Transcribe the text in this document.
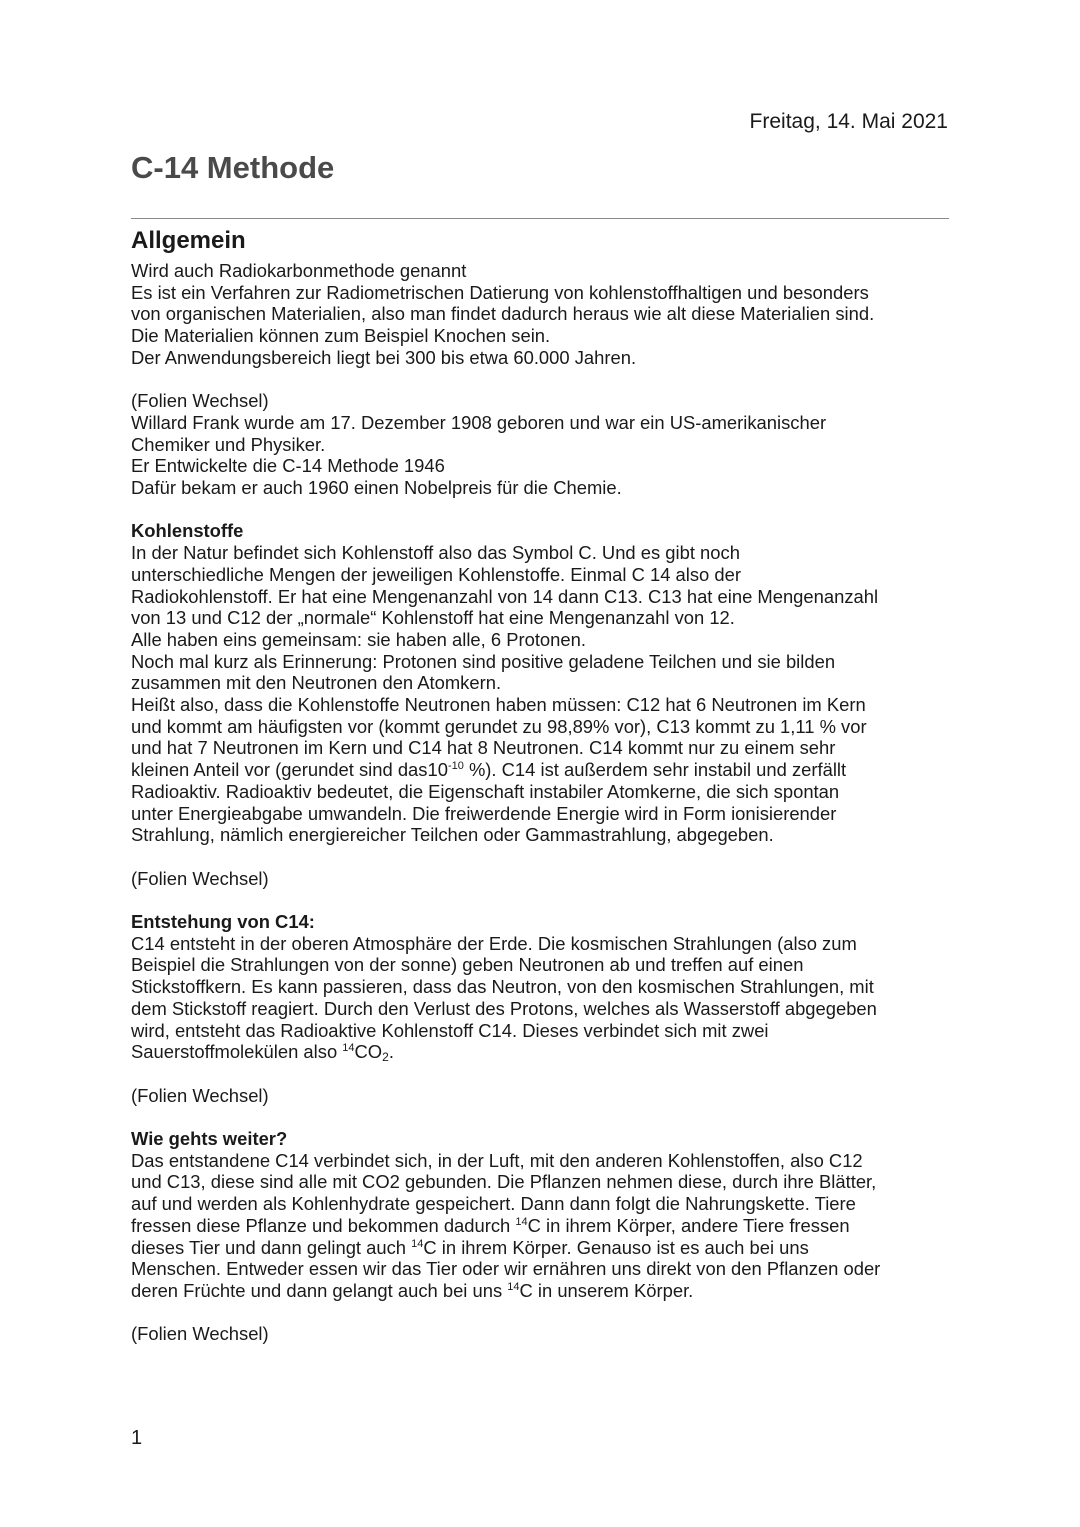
Freitag, 14. Mai 2021
C-14 Methode
Allgemein
Wird auch Radiokarbonmethode genannt
Es ist ein Verfahren zur Radiometrischen Datierung von kohlenstoffhaltigen und besonders
von organischen Materialien, also man findet dadurch heraus wie alt diese Materialien sind.
Die Materialien können zum Beispiel Knochen sein.
Der Anwendungsbereich liegt bei 300 bis etwa 60.000 Jahren.
(Folien Wechsel)
Willard Frank wurde am 17. Dezember 1908 geboren und war ein US-amerikanischer
Chemiker und Physiker.
Er Entwickelte die C-14 Methode 1946
Dafür bekam er auch 1960 einen Nobelpreis für die Chemie.
Kohlenstoffe
In der Natur befindet sich Kohlenstoff also das Symbol C. Und es gibt noch
unterschiedliche Mengen der jeweiligen Kohlenstoffe. Einmal C 14 also der
Radiokohlenstoff. Er hat eine Mengenanzahl von 14 dann C13. C13 hat eine Mengenanzahl
von 13 und C12 der „normale“ Kohlenstoff hat eine Mengenanzahl von 12.
Alle haben eins gemeinsam: sie haben alle, 6 Protonen.
Noch mal kurz als Erinnerung: Protonen sind positive geladene Teilchen und sie bilden
zusammen mit den Neutronen den Atomkern.
Heißt also, dass die Kohlenstoffe Neutronen haben müssen: C12 hat 6 Neutronen im Kern
und kommt am häufigsten vor (kommt gerundet zu 98,89% vor), C13 kommt zu 1,11 % vor
und hat 7 Neutronen im Kern und C14 hat 8 Neutronen. C14 kommt nur zu einem sehr
kleinen Anteil vor (gerundet sind $das10^{-10}$ %). C14 ist außerdem sehr instabil und zerfällt
Radioaktiv. Radioaktiv bedeutet, die Eigenschaft instabiler Atomkerne, die sich spontan
unter Energieabgabe umwandeln. Die freiwerdende Energie wird in Form ionisierender
Strahlung, nämlich energiereicher Teilchen oder Gammastrahlung, abgegeben.
(Folien Wechsel)
Entstehung von C14:
C14 entsteht in der oberen Atmosphäre der Erde. Die kosmischen Strahlungen (also zum
Beispiel die Strahlungen von der sonne) geben Neutronen ab und treffen auf einen
Stickstoffkern. Es kann passieren, dass das Neutron, von den kosmischen Strahlungen, mit
dem Stickstoff reagiert. Durch den Verlust des Protons, welches als Wasserstoff abgegeben
wird, entsteht das Radioaktive Kohlenstoff C14. Dieses verbindet sich mit zwei
Sauerstoffmolekülen also $^{14}CO_2$.
(Folien Wechsel)
Wie gehts weiter?
Das entstandene C14 verbindet sich, in der Luft, mit den anderen Kohlenstoffen, also C12
und C13, diese sind alle mit CO2 gebunden. Die Pflanzen nehmen diese, durch ihre Blätter,
auf und werden als Kohlenhydrate gespeichert. Dann dann folgt die Nahrungskette. Tiere
fressen diese Pflanze und bekommen dadurch $^{14}$C in ihrem Körper, andere Tiere fressen
dieses Tier und dann gelingt auch $^{14}$C in ihrem Körper. Genauso ist es auch bei uns
Menschen. Entweder essen wir das Tier oder wir ernähren uns direkt von den Pflanzen oder
deren Früchte und dann gelangt auch bei uns $^{14}$C in unserem Körper.
(Folien Wechsel)
1
